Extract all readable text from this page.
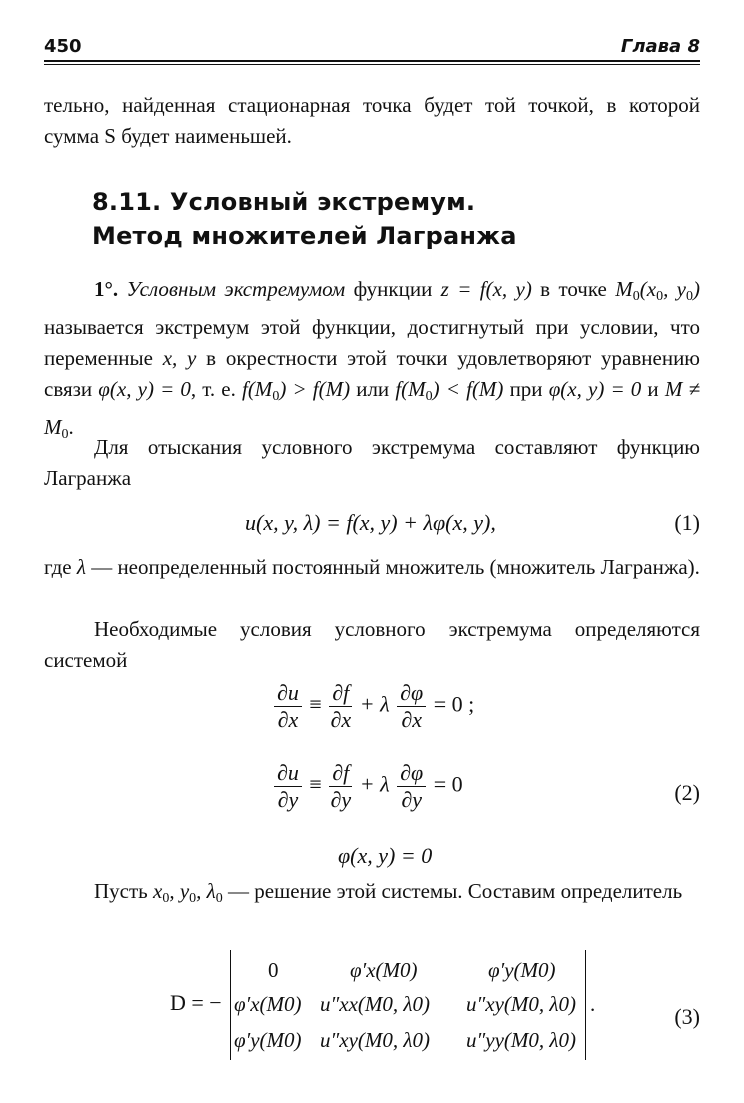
450	Глава 8
тельно, найденная стационарная точка будет той точкой, в которой сумма S будет наименьшей.
8.11. Условный экстремум.
Метод множителей Лагранжа
1°. Условным экстремумом функции z = f(x, y) в точке $M_0(x_0$, $y_0$) называется экстремум этой функции, достигнутый при условии, что переменные x, y в окрестности этой точки удовлетворяют уравнению связи φ(x, y) = 0, т. е. $f(M_0) > f(M)$ или $f(M_0) < f(M)$ при φ(x, y) = 0 и $M \ne M_0$.
Для отыскания условного экстремума составляют функцию Лагранжа
u(x, y, λ) = f(x, y) + λφ(x, y),	(1)
где λ — неопределенный постоянный множитель (множитель Лагранжа).
Необходимые условия условного экстремума определяются системой
$\frac{\partial u}{\partial x} \equiv \frac{\partial f}{\partial x} + \lambda \frac{\partial\varphi}{\partial x} = 0$ ;
$\frac{\partial u}{\partial y} \equiv \frac{\partial f}{\partial y} + \lambda \frac{\partial\varphi}{\partial y} = 0$	(2)
φ(x, y) = 0
Пусть $x_0$, $y_0$, $\lambda_0$ — решение этой системы. Составим определитель
D = −
0	φ′x(M0)	φ′y(M0)
φ′x(M0) u″xx(M0, λ0) u″xy(M0, λ0)
φ′y(M0) u″xy(M0, λ0) u″yy(M0, λ0)
.	(3)
